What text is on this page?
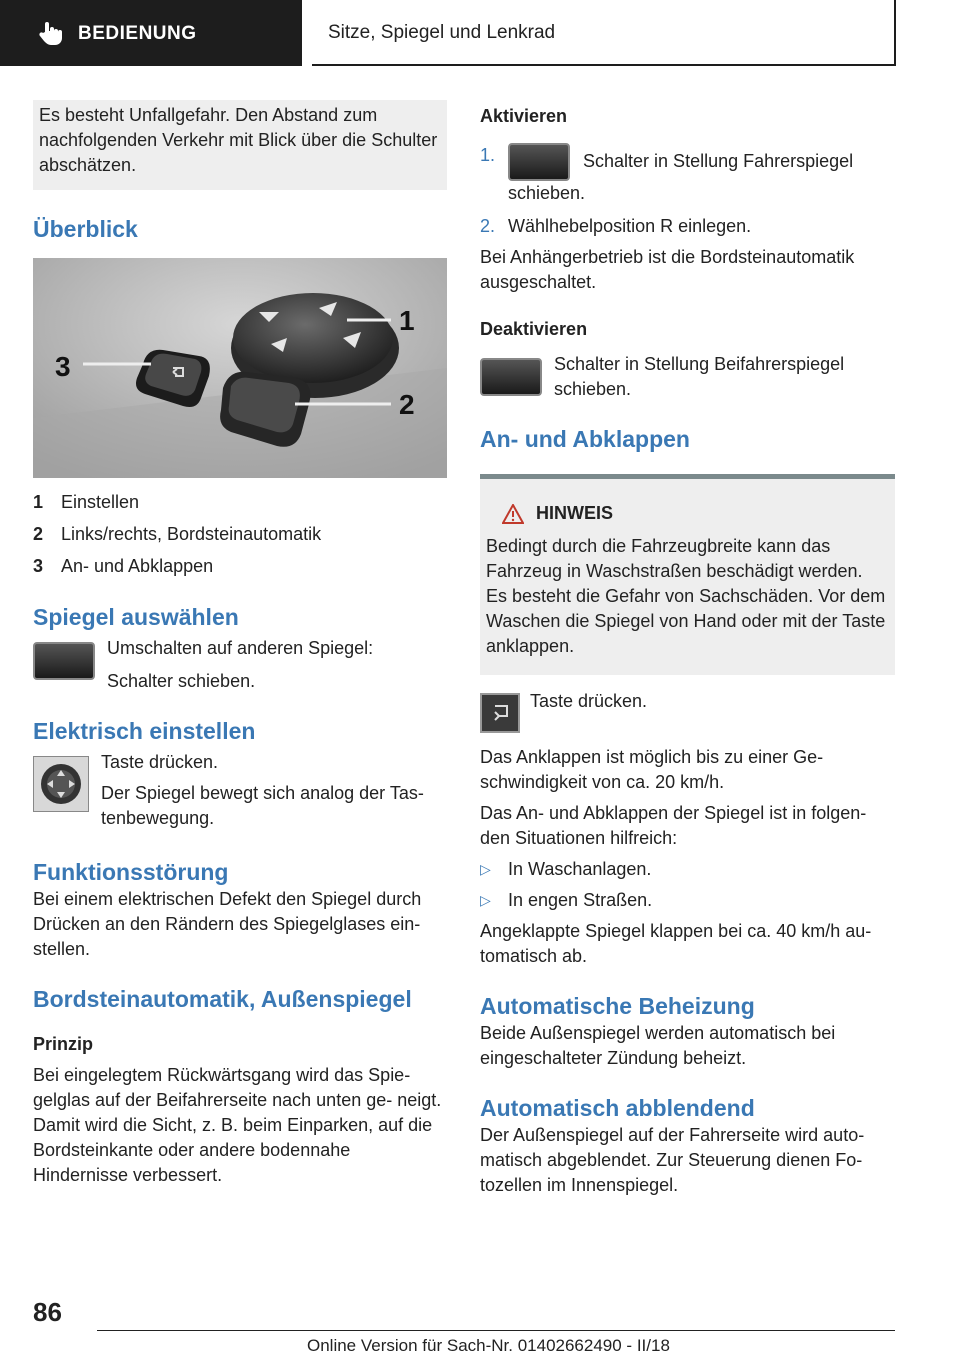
BEDIENUNG	Sitze, Spiegel und Lenkrad

Es besteht Unfallgefahr. Den Abstand zum nachfolgenden Verkehr mit Blick über die Schulter abschätzen.

Überblick
1
2
3
1 Einstellen
2 Links/rechts, Bordsteinautomatik
3 An- und Abklappen
Spiegel auswählen

Umschalten auf anderen Spiegel:

Schalter schieben.

Elektrisch einstellen

Taste drücken.

Der Spiegel bewegt sich analog der Tas- tenbewegung.

Funktionsstörung

Bei einem elektrischen Defekt den Spiegel durch Drücken an den Rändern des Spiegelglases ein- stellen.

Bordsteinautomatik, Außenspiegel
Prinzip

Bei eingelegtem Rückwärtsgang wird das Spie- gelglas auf der Beifahrerseite nach unten ge- neigt. Damit wird die Sicht, z. B. beim Einparken, auf die Bordsteinkante oder andere bodennahe Hindernisse verbessert.

Aktivieren
1.	Schalter in Stellung Fahrerspiegel schieben.
2. Wählhebelposition R einlegen.

Bei Anhängerbetrieb ist die Bordsteinautomatik ausgeschaltet.

Deaktivieren

Schalter in Stellung Beifahrerspiegel schieben.

An- und Abklappen
HINWEIS

Bedingt durch die Fahrzeugbreite kann das Fahrzeug in Waschstraßen beschädigt werden. Es besteht die Gefahr von Sachschäden. Vor dem Waschen die Spiegel von Hand oder mit der Taste anklappen.

Taste drücken.

Das Anklappen ist möglich bis zu einer Ge- schwindigkeit von ca. 20 km/h.

Das An- und Abklappen der Spiegel ist in folgen- den Situationen hilfreich:

▷ In Waschanlagen.
▷ In engen Straßen.

Angeklappte Spiegel klappen bei ca. 40 km/h au- tomatisch ab.

Automatische Beheizung

Beide Außenspiegel werden automatisch bei eingeschalteter Zündung beheizt.

Automatisch abblendend

Der Außenspiegel auf der Fahrerseite wird auto- matisch abgeblendet. Zur Steuerung dienen Fo- tozellen im Innenspiegel.

86
Online Version für Sach-Nr. 01402662490 - II/18
